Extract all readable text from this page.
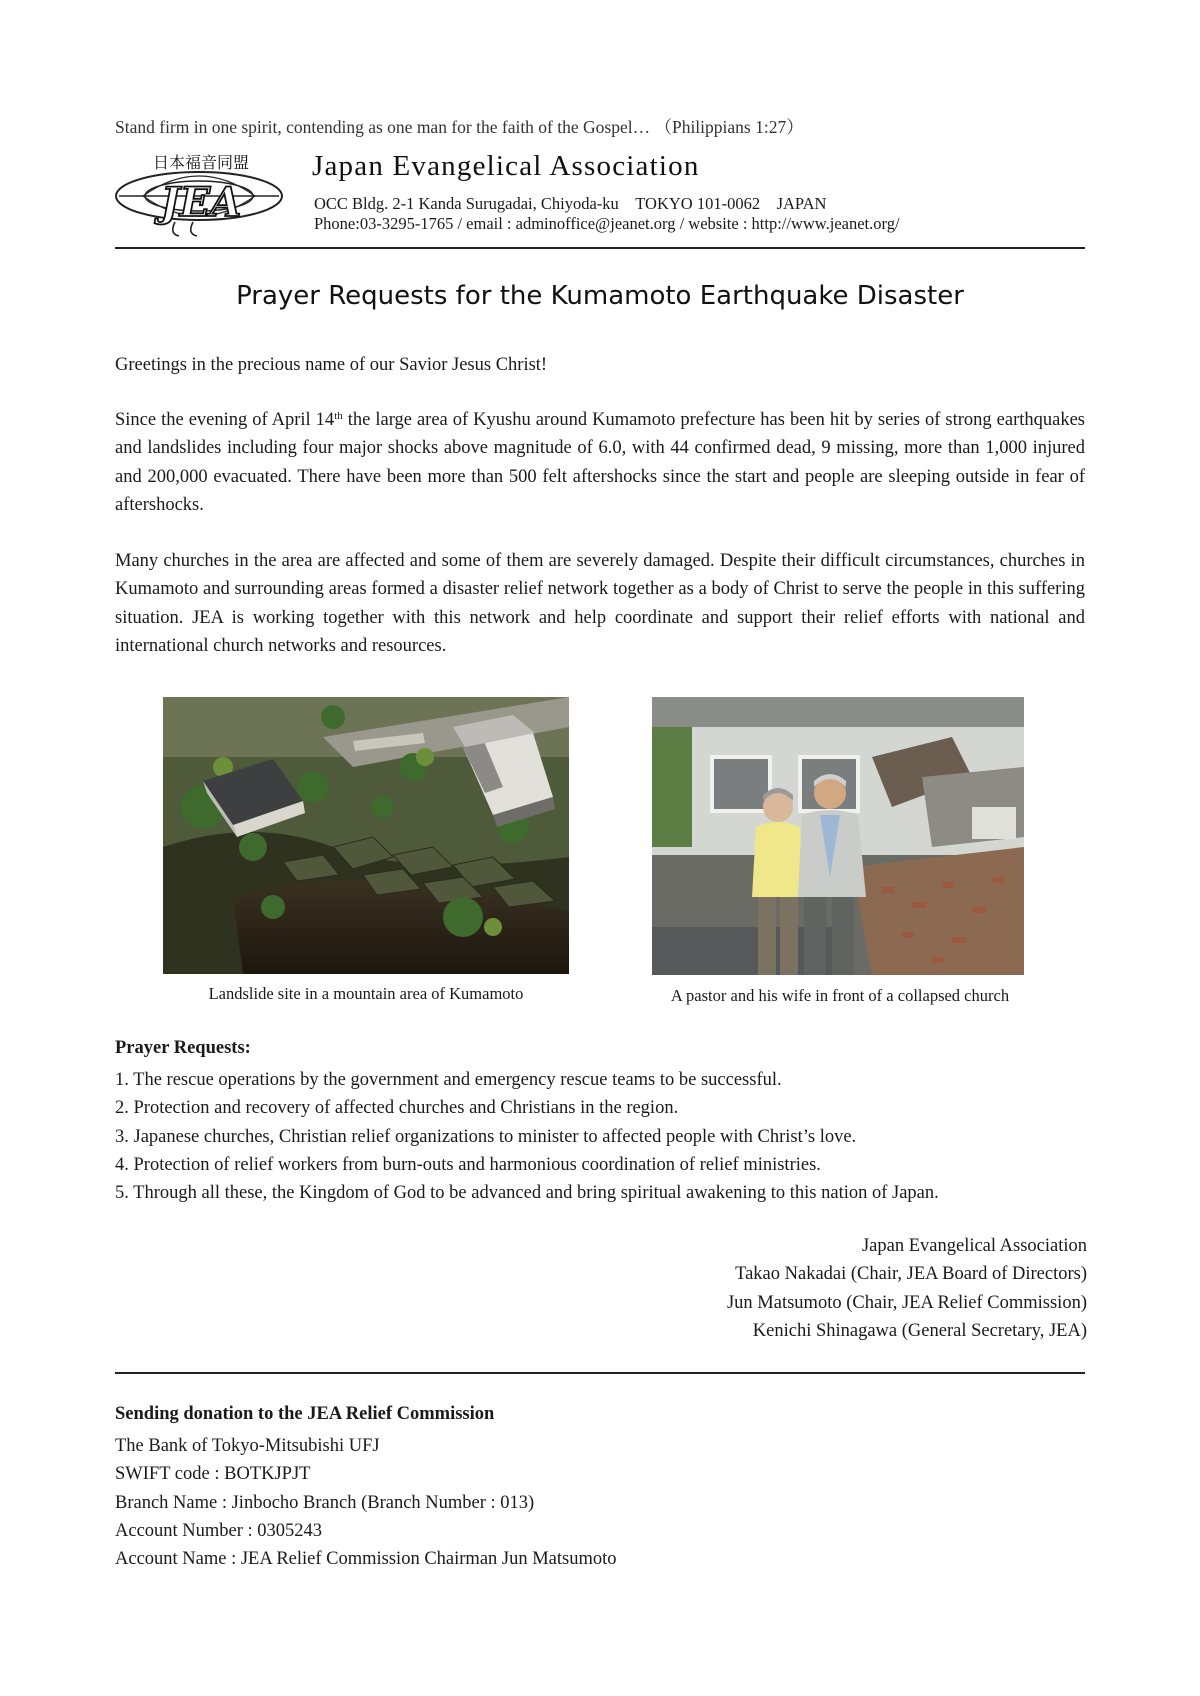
Stand firm in one spirit, contending as one man for the faith of the Gospel… （Philippians 1:27）
日本福音同盟
JEA
Japan Evangelical Association
OCC Bldg. 2-1 Kanda Surugadai, Chiyoda-ku　TOKYO 101-0062　JAPAN
Phone:03-3295-1765 / email : adminoffice@jeanet.org / website : http://www.jeanet.org/
Prayer Requests for the Kumamoto Earthquake Disaster
Greetings in the precious name of our Savior Jesus Christ!
Since the evening of April 14th the large area of Kyushu around Kumamoto prefecture has been hit by series of strong earthquakes and landslides including four major shocks above magnitude of 6.0, with 44 confirmed dead, 9 missing, more than 1,000 injured and 200,000 evacuated. There have been more than 500 felt aftershocks since the start and people are sleeping outside in fear of aftershocks.
Many churches in the area are affected and some of them are severely damaged. Despite their difficult circumstances, churches in Kumamoto and surrounding areas formed a disaster relief network together as a body of Christ to serve the people in this suffering situation. JEA is working together with this network and help coordinate and support their relief efforts with national and international church networks and resources.
Landslide site in a mountain area of Kumamoto	A pastor and his wife in front of a collapsed church
Prayer Requests:
1. The rescue operations by the government and emergency rescue teams to be successful.
2. Protection and recovery of affected churches and Christians in the region.
3. Japanese churches, Christian relief organizations to minister to affected people with Christ’s love.
4. Protection of relief workers from burn-outs and harmonious coordination of relief ministries.
5. Through all these, the Kingdom of God to be advanced and bring spiritual awakening to this nation of Japan.
Japan Evangelical Association
Takao Nakadai (Chair, JEA Board of Directors)
Jun Matsumoto (Chair, JEA Relief Commission)
Kenichi Shinagawa (General Secretary, JEA)
Sending donation to the JEA Relief Commission
The Bank of Tokyo-Mitsubishi UFJ
SWIFT code : BOTKJPJT
Branch Name : Jinbocho Branch (Branch Number : 013)
Account Number : 0305243
Account Name : JEA Relief Commission Chairman Jun Matsumoto
